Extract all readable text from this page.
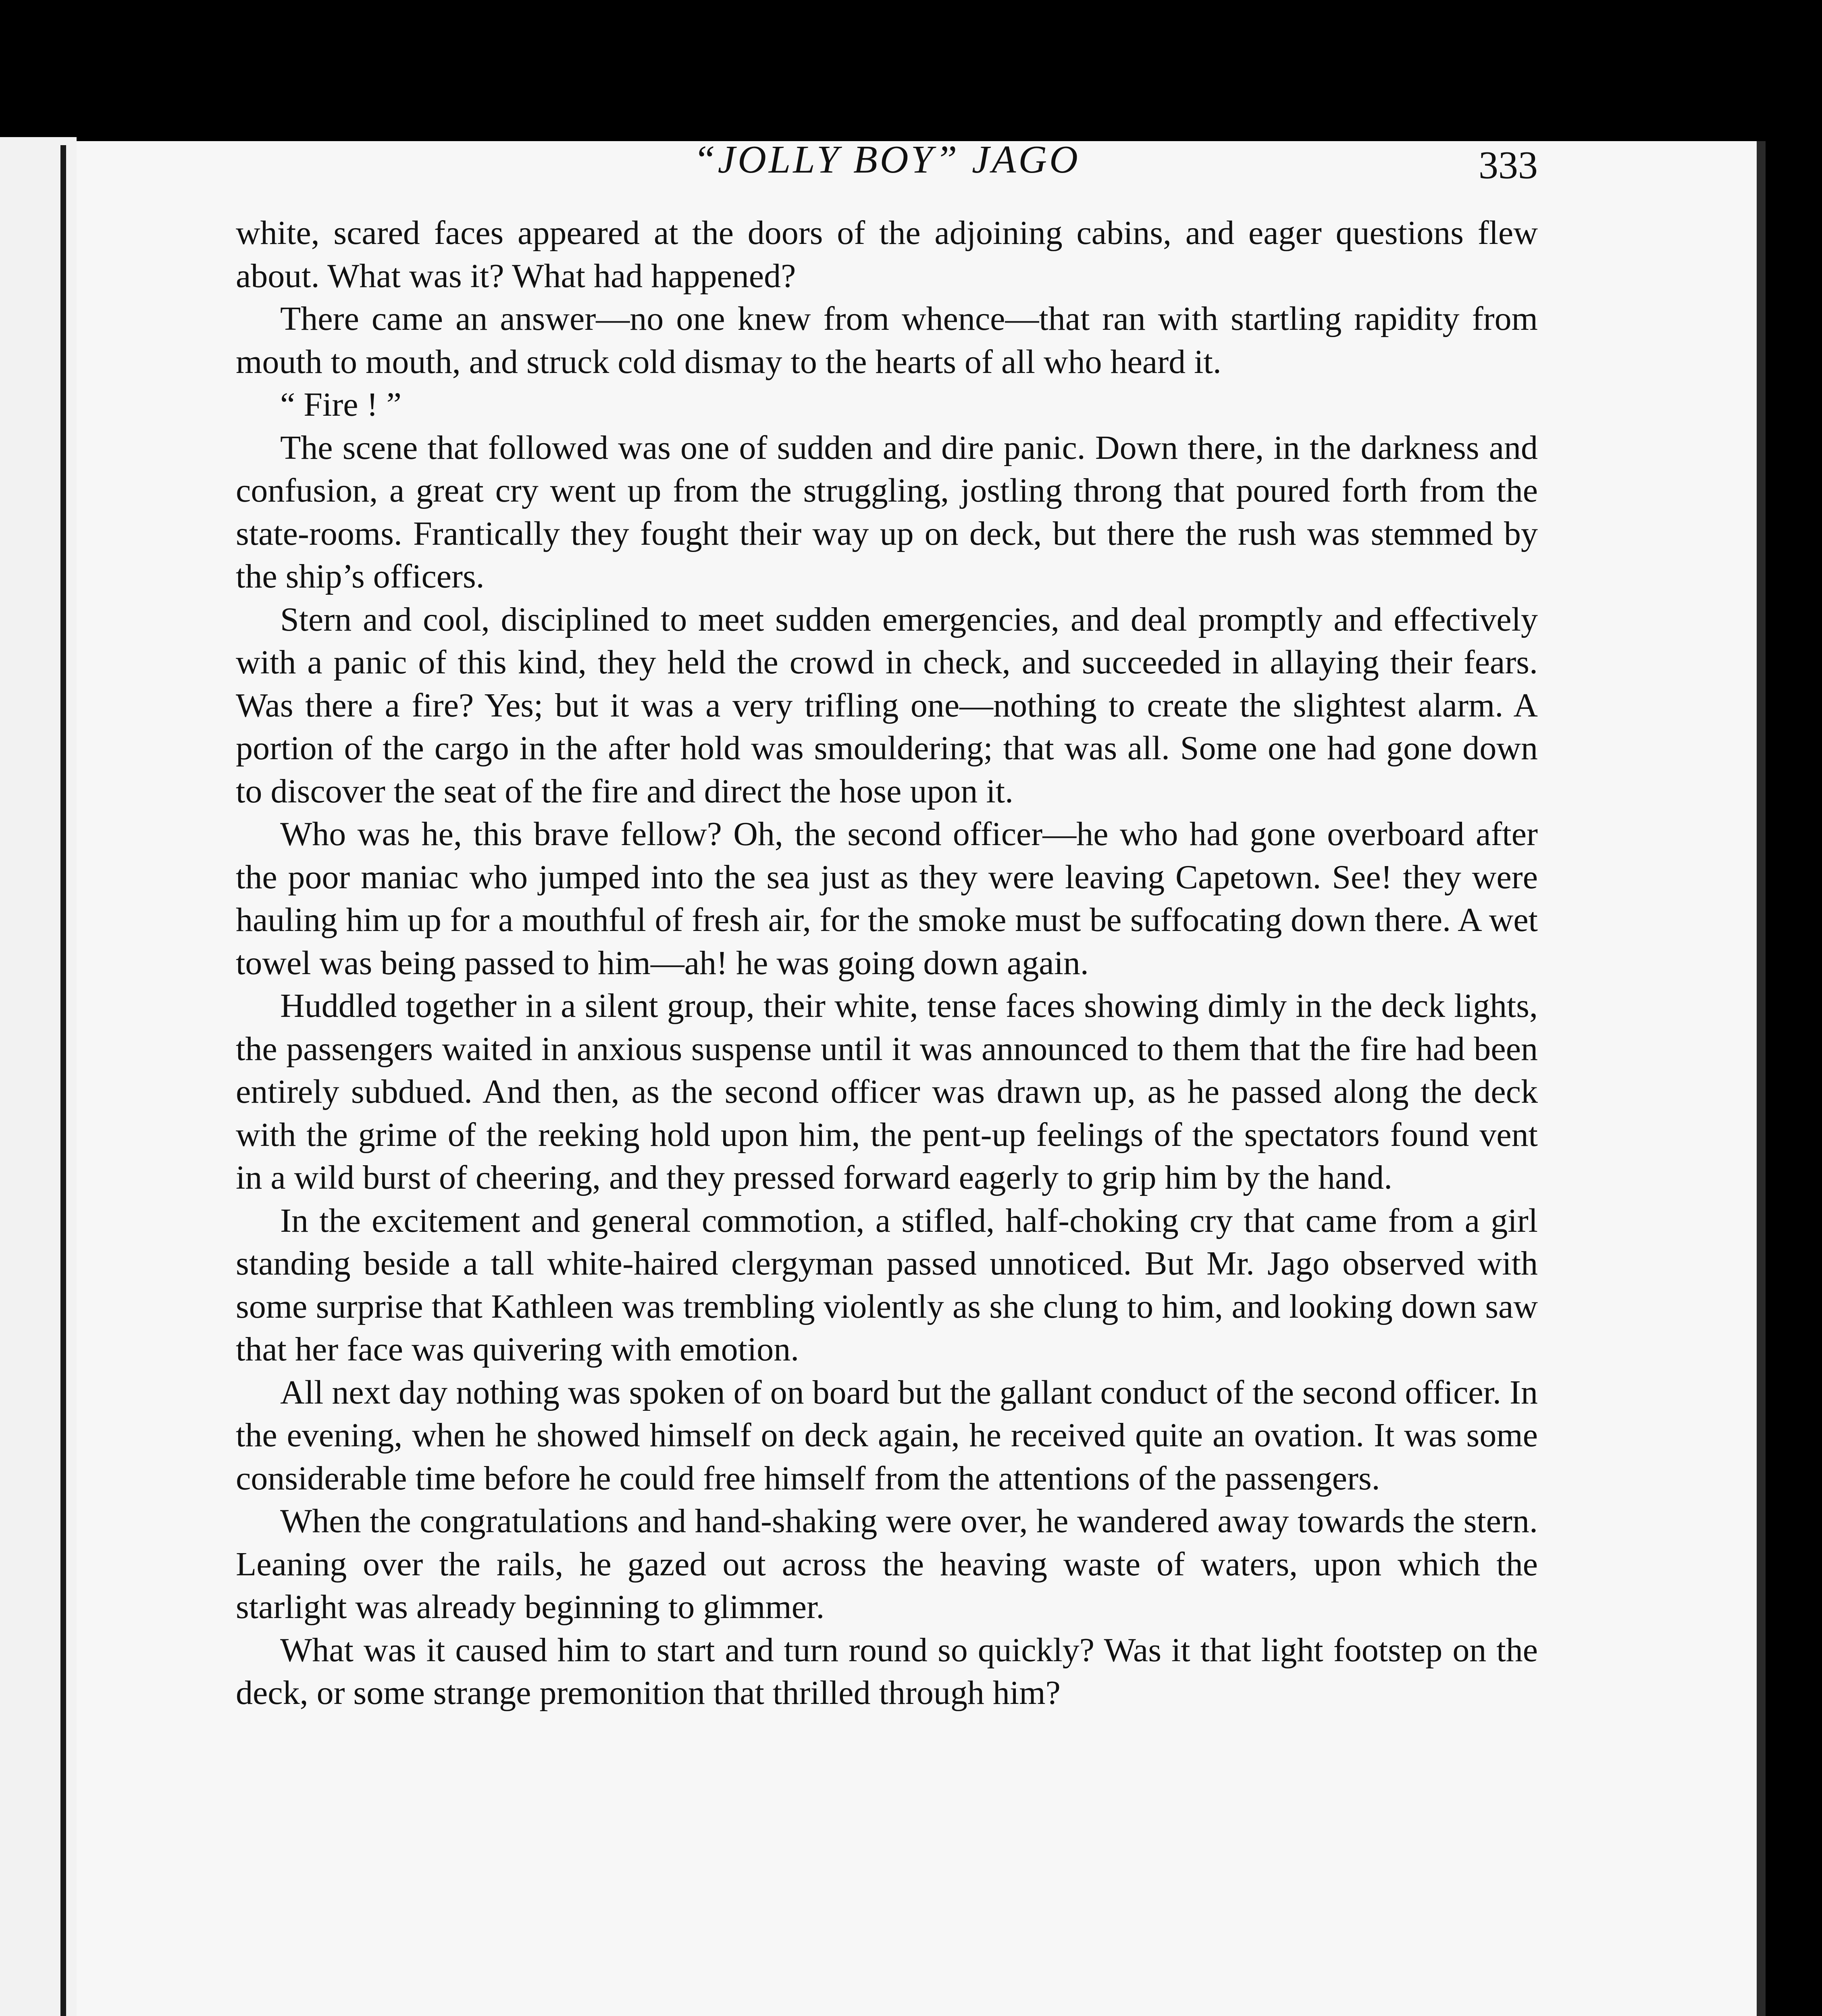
“JOLLY BOY” JAGO	333

white, scared faces appeared at the doors of the adjoining cabins, and eager questions flew about. What was it? What had happened?

There came an answer—no one knew from whence—that ran with startling rapidity from mouth to mouth, and struck cold dismay to the hearts of all who heard it.

“ Fire ! ”

The scene that followed was one of sudden and dire panic. Down there, in the darkness and confusion, a great cry went up from the struggling, jostling throng that poured forth from the state-rooms. Frantically they fought their way up on deck, but there the rush was stemmed by the ship’s officers.

Stern and cool, disciplined to meet sudden emergencies, and deal promptly and effectively with a panic of this kind, they held the crowd in check, and succeeded in allaying their fears. Was there a fire? Yes; but it was a very trifling one—nothing to create the slightest alarm. A portion of the cargo in the after hold was smouldering; that was all. Some one had gone down to discover the seat of the fire and direct the hose upon it.

Who was he, this brave fellow? Oh, the second officer—he who had gone overboard after the poor maniac who jumped into the sea just as they were leaving Capetown. See! they were hauling him up for a mouthful of fresh air, for the smoke must be suffocating down there. A wet towel was being passed to him—ah! he was going down again.

Huddled together in a silent group, their white, tense faces showing dimly in the deck lights, the passengers waited in anxious suspense until it was announced to them that the fire had been entirely subdued. And then, as the second officer was drawn up, as he passed along the deck with the grime of the reeking hold upon him, the pent-up feelings of the spectators found vent in a wild burst of cheering, and they pressed forward eagerly to grip him by the hand.

In the excitement and general commotion, a stifled, half-choking cry that came from a girl standing beside a tall white-haired clergyman passed unnoticed. But Mr. Jago observed with some surprise that Kathleen was trembling violently as she clung to him, and looking down saw that her face was quivering with emotion.

All next day nothing was spoken of on board but the gallant conduct of the second officer. In the evening, when he showed himself on deck again, he received quite an ovation. It was some considerable time before he could free himself from the attentions of the passengers.

When the congratulations and hand-shaking were over, he wandered away towards the stern. Leaning over the rails, he gazed out across the heaving waste of waters, upon which the starlight was already beginning to glimmer.

What was it caused him to start and turn round so quickly? Was it that light footstep on the deck, or some strange premonition that thrilled through him?
